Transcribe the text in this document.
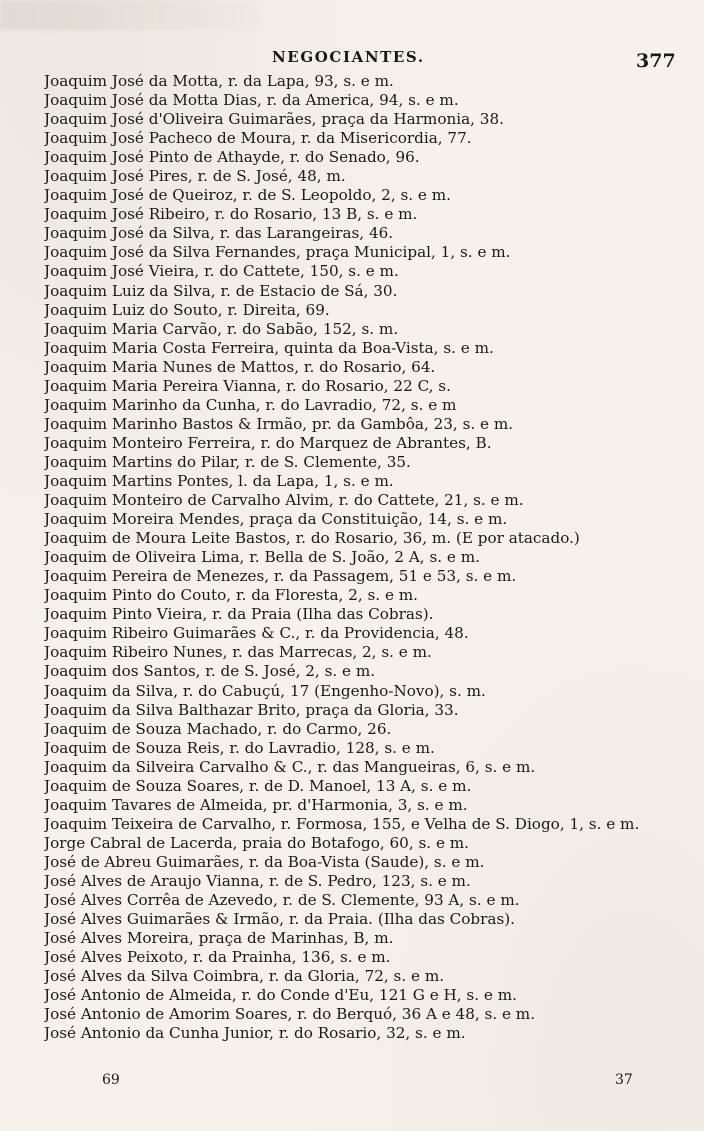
NEGOCIANTES.	377
Joaquim José da Motta, r. da Lapa, 93, s. e m.
Joaquim José da Motta Dias, r. da America, 94, s. e m.
Joaquim José d'Oliveira Guimarães, praça da Harmonia, 38.
Joaquim José Pacheco de Moura, r. da Misericordia, 77.
Joaquim José Pinto de Athayde, r. do Senado, 96.
Joaquim José Pires, r. de S. José, 48, m.
Joaquim José de Queiroz, r. de S. Leopoldo, 2, s. e m.
Joaquim José Ribeiro, r. do Rosario, 13 B, s. e m.
Joaquim José da Silva, r. das Larangeiras, 46.
Joaquim José da Silva Fernandes, praça Municipal, 1, s. e m.
Joaquim José Vieira, r. do Cattete, 150, s. e m.
Joaquim Luiz da Silva, r. de Estacio de Sá, 30.
Joaquim Luiz do Souto, r. Direita, 69.
Joaquim Maria Carvão, r. do Sabão, 152, s. m.
Joaquim Maria Costa Ferreira, quinta da Boa-Vista, s. e m.
Joaquim Maria Nunes de Mattos, r. do Rosario, 64.
Joaquim Maria Pereira Vianna, r. do Rosario, 22 C, s.
Joaquim Marinho da Cunha, r. do Lavradio, 72, s. e m
Joaquim Marinho Bastos & Irmão, pr. da Gambôa, 23, s. e m.
Joaquim Monteiro Ferreira, r. do Marquez de Abrantes, B.
Joaquim Martins do Pilar, r. de S. Clemente, 35.
Joaquim Martins Pontes, l. da Lapa, 1, s. e m.
Joaquim Monteiro de Carvalho Alvim, r. do Cattete, 21, s. e m.
Joaquim Moreira Mendes, praça da Constituição, 14, s. e m.
Joaquim de Moura Leite Bastos, r. do Rosario, 36, m. (E por atacado.)
Joaquim de Oliveira Lima, r. Bella de S. João, 2 A, s. e m.
Joaquim Pereira de Menezes, r. da Passagem, 51 e 53, s. e m.
Joaquim Pinto do Couto, r. da Floresta, 2, s. e m.
Joaquim Pinto Vieira, r. da Praia (Ilha das Cobras).
Joaquim Ribeiro Guimarães & C., r. da Providencia, 48.
Joaquim Ribeiro Nunes, r. das Marrecas, 2, s. e m.
Joaquim dos Santos, r. de S. José, 2, s. e m.
Joaquim da Silva, r. do Cabuçú, 17 (Engenho-Novo), s. m.
Joaquim da Silva Balthazar Brito, praça da Gloria, 33.
Joaquim de Souza Machado, r. do Carmo, 26.
Joaquim de Souza Reis, r. do Lavradio, 128, s. e m.
Joaquim da Silveira Carvalho & C., r. das Mangueiras, 6, s. e m.
Joaquim de Souza Soares, r. de D. Manoel, 13 A, s. e m.
Joaquim Tavares de Almeida, pr. d'Harmonia, 3, s. e m.
Joaquim Teixeira de Carvalho, r. Formosa, 155, e Velha de S. Diogo, 1, s. e m.
Jorge Cabral de Lacerda, praia do Botafogo, 60, s. e m.
José de Abreu Guimarães, r. da Boa-Vista (Saude), s. e m.
José Alves de Araujo Vianna, r. de S. Pedro, 123, s. e m.
José Alves Corrêa de Azevedo, r. de S. Clemente, 93 A, s. e m.
José Alves Guimarães & Irmão, r. da Praia. (Ilha das Cobras).
José Alves Moreira, praça de Marinhas, B, m.
José Alves Peixoto, r. da Prainha, 136, s. e m.
José Alves da Silva Coimbra, r. da Gloria, 72, s. e m.
José Antonio de Almeida, r. do Conde d'Eu, 121 G e H, s. e m.
José Antonio de Amorim Soares, r. do Berquó, 36 A e 48, s. e m.
José Antonio da Cunha Junior, r. do Rosario, 32, s. e m.
69	37
